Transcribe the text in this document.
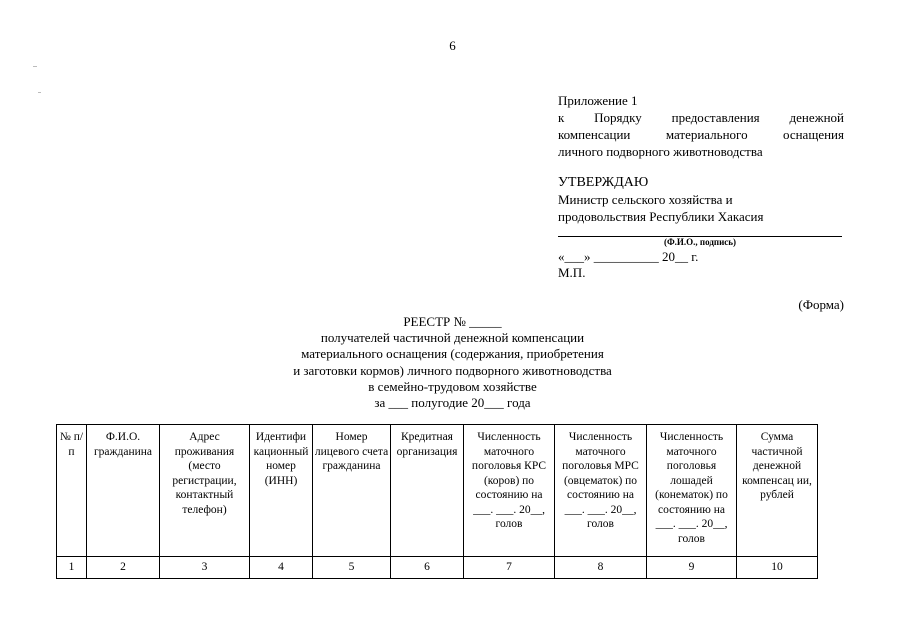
6
Приложение 1
к Порядку предоставления денежной
компенсации материального оснащения
личного подворного животноводства
УТВЕРЖДАЮ
Министр сельского хозяйства и
продовольствия Республики Хакасия
(Ф.И.О., подпись)
«___» __________ 20__ г.
М.П.
(Форма)
РЕЕСТР № _____
получателей частичной денежной компенсации
материального оснащения (содержания, приобретения
и заготовки кормов) личного подворного животноводства
в семейно-трудовом хозяйстве
за ___ полугодие 20___ года
№ п/п	Ф.И.О. гражданина	Адрес проживания (место регистрации, контактный телефон)	Идентифи кационный номер (ИНН)	Номер лицевого счета гражданина	Кредитная организация	Численность маточного поголовья КРС (коров) по состоянию на ___. ___. 20__, голов	Численность маточного поголовья МРС (овцематок) по состоянию на ___. ___. 20__, голов	Численность маточного поголовья лошадей (конематок) по состоянию на ___. ___. 20__, голов	Сумма частичной денежной компенсац ии, рублей
1	2	3	4	5	6	7	8	9	10
